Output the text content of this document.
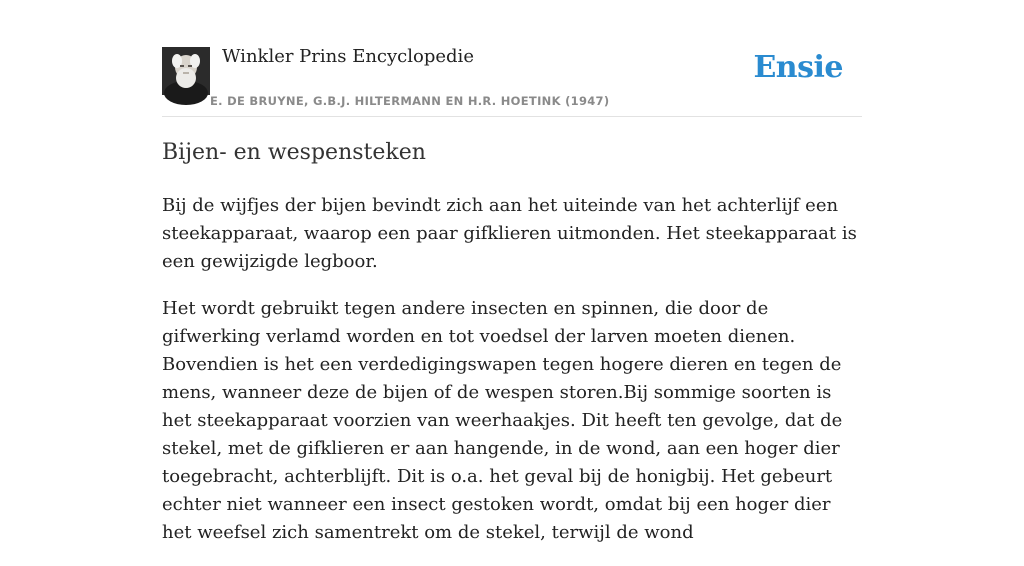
Winkler Prins Encyclopedie
E. DE BRUYNE, G.B.J. HILTERMANN EN H.R. HOETINK (1947)
Ensie
Bijen- en wespensteken

Bij de wijfjes der bijen bevindt zich aan het uiteinde van het achterlijf een steekapparaat, waarop een paar gifklieren uitmonden. Het steekapparaat is een gewijzigde legboor.

Het wordt gebruikt tegen andere insecten en spinnen, die door de gifwerking verlamd worden en tot voedsel der larven moeten dienen. Bovendien is het een verdedigingswapen tegen hogere dieren en tegen de mens, wanneer deze de bijen of de wespen storen.Bij sommige soorten is het steekapparaat voorzien van weerhaakjes. Dit heeft ten gevolge, dat de stekel, met de gifklieren er aan hangende, in de wond, aan een hoger dier toegebracht, achterblijft. Dit is o.a. het geval bij de honigbij. Het gebeurt echter niet wanneer een insect gestoken wordt, omdat bij een hoger dier het weefsel zich samentrekt om de stekel, terwijl de wond
